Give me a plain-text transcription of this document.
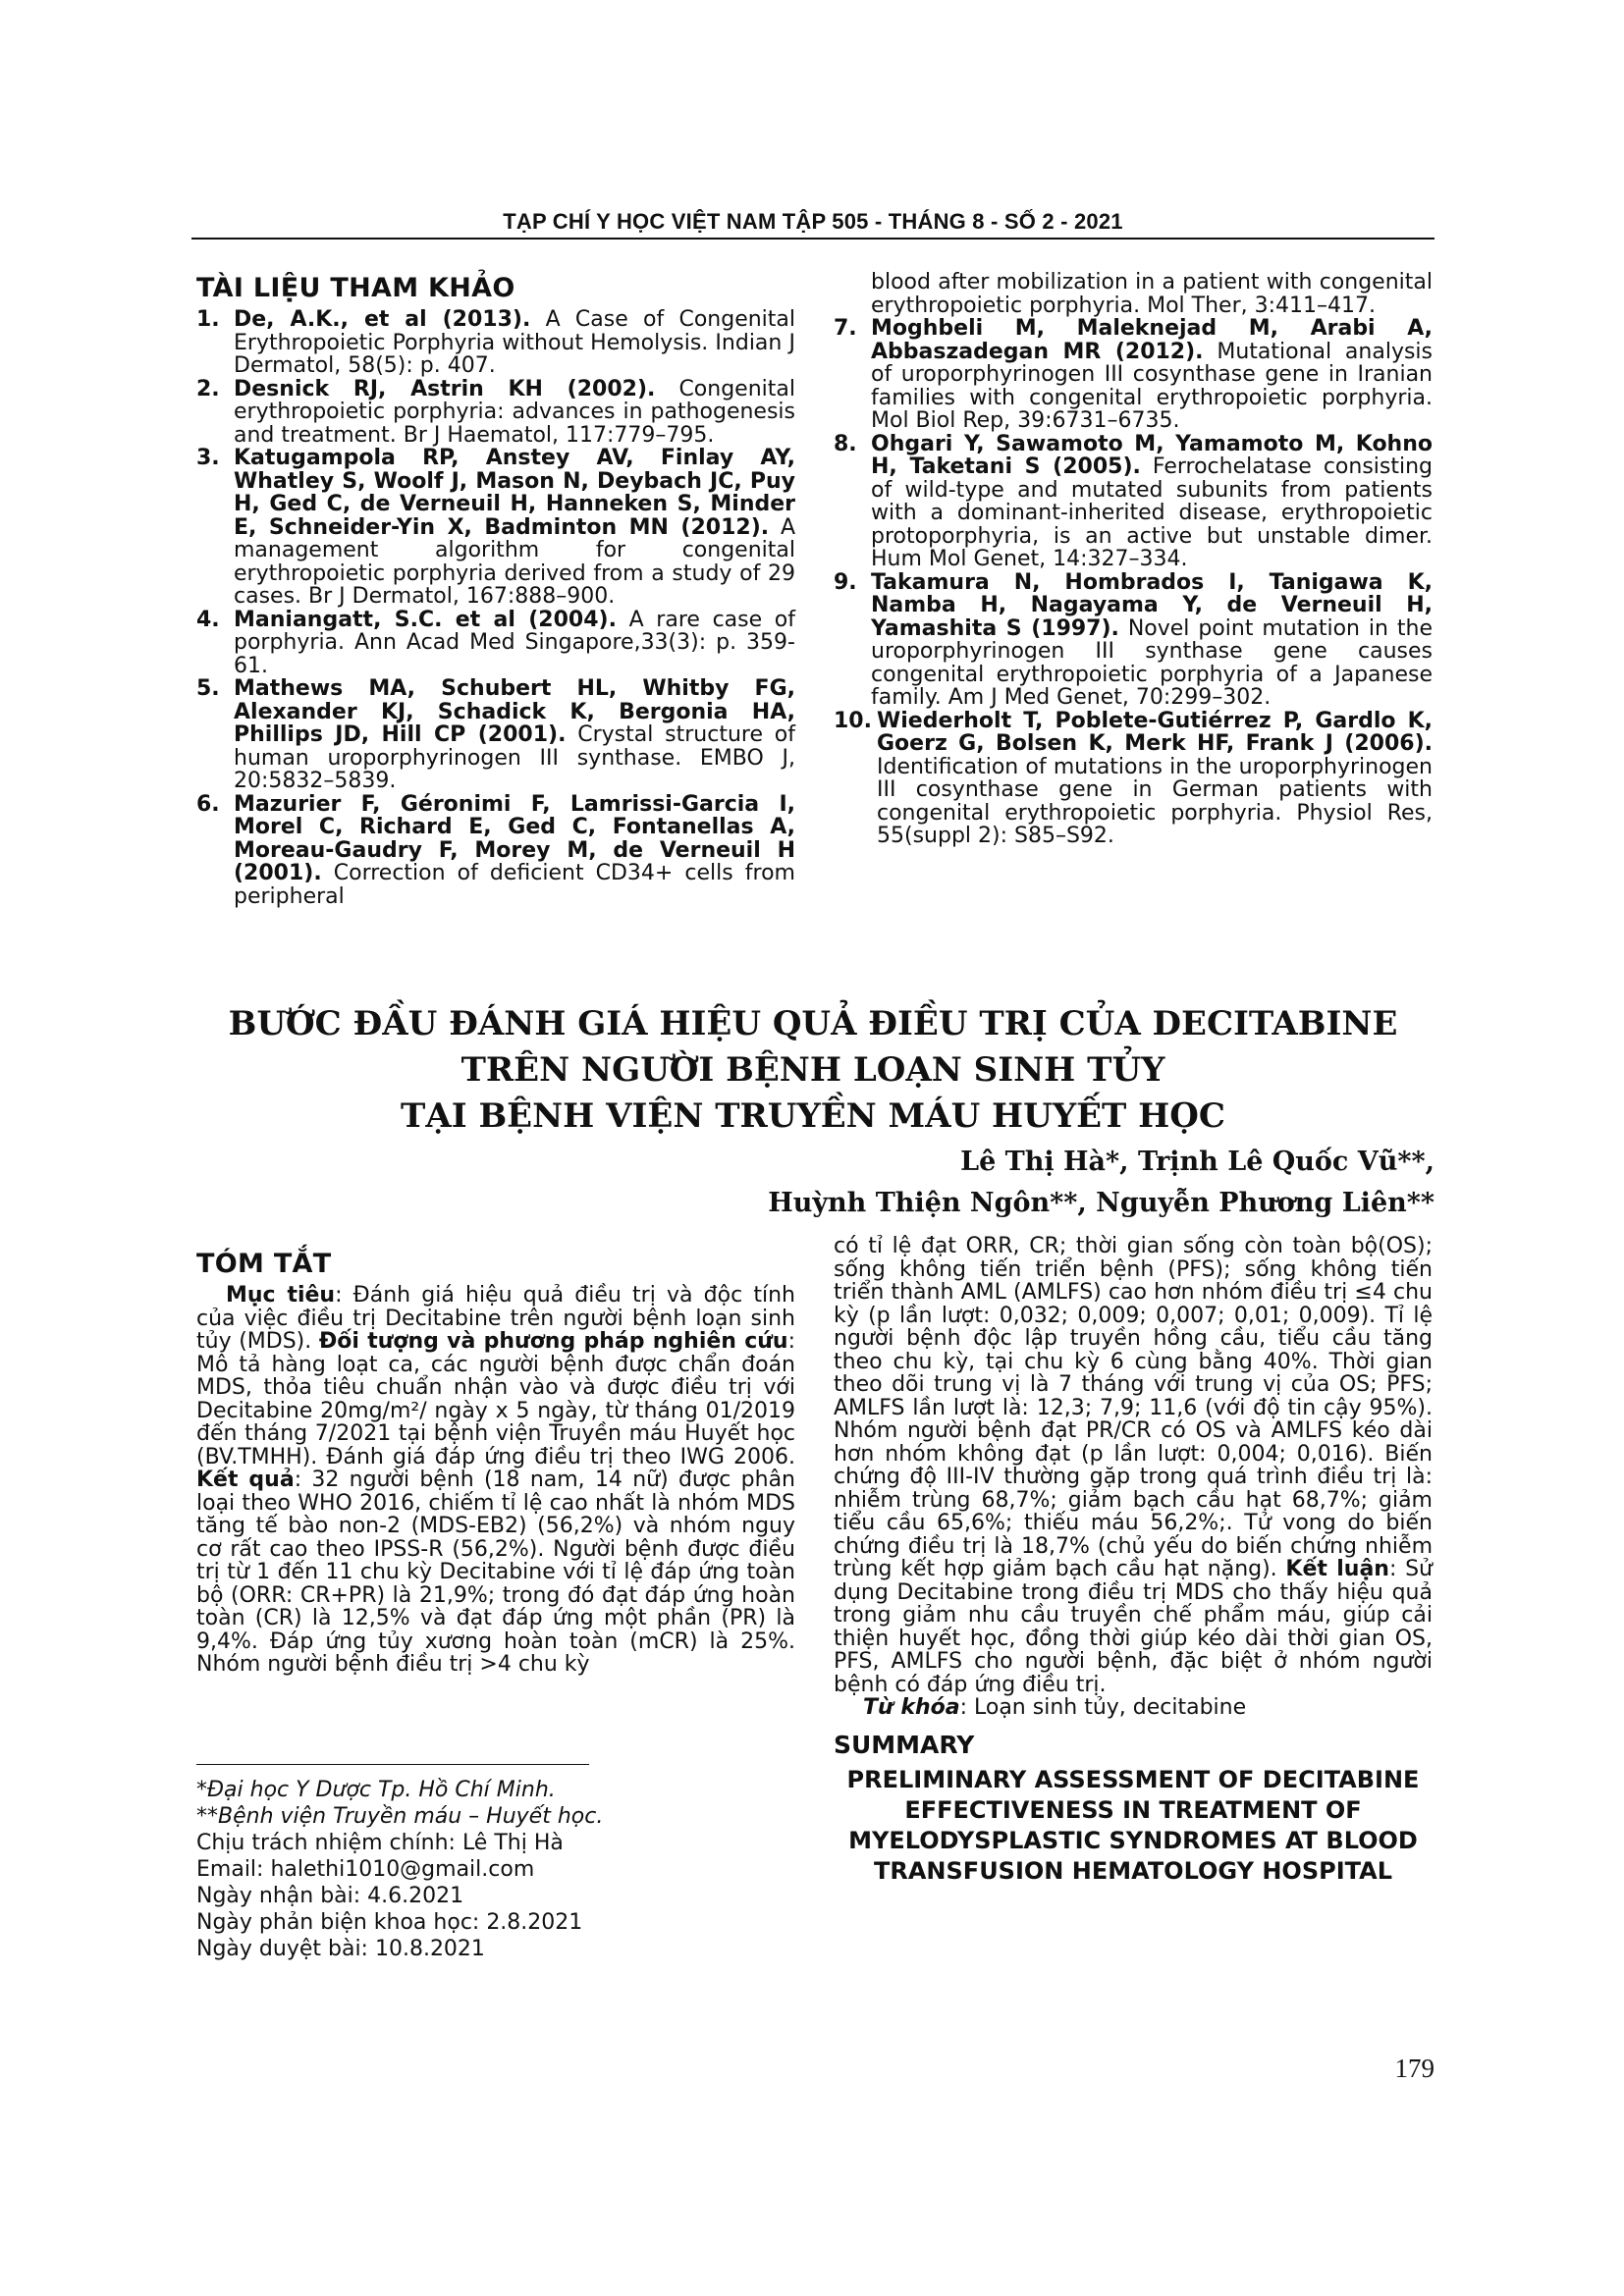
TẠP CHÍ Y HỌC VIỆT NAM TẬP 505 - THÁNG 8 - SỐ 2 - 2021
TÀI LIỆU THAM KHẢO
1. De, A.K., et al (2013). A Case of Congenital Erythropoietic Porphyria without Hemolysis. Indian J Dermatol, 58(5): p. 407.
2. Desnick RJ, Astrin KH (2002). Congenital erythropoietic porphyria: advances in pathogenesis and treatment. Br J Haematol, 117:779–795.
3. Katugampola RP, Anstey AV, Finlay AY, Whatley S, Woolf J, Mason N, Deybach JC, Puy H, Ged C, de Verneuil H, Hanneken S, Minder E, Schneider-Yin X, Badminton MN (2012). A management algorithm for congenital erythropoietic porphyria derived from a study of 29 cases. Br J Dermatol, 167:888–900.
4. Maniangatt, S.C. et al (2004). A rare case of porphyria. Ann Acad Med Singapore,33(3): p. 359-61.
5. Mathews MA, Schubert HL, Whitby FG, Alexander KJ, Schadick K, Bergonia HA, Phillips JD, Hill CP (2001). Crystal structure of human uroporphyrinogen III synthase. EMBO J, 20:5832–5839.
6. Mazurier F, Géronimi F, Lamrissi-Garcia I, Morel C, Richard E, Ged C, Fontanellas A, Moreau-Gaudry F, Morey M, de Verneuil H (2001). Correction of deficient CD34+ cells from peripheral
blood after mobilization in a patient with congenital erythropoietic porphyria. Mol Ther, 3:411–417.
7. Moghbeli M, Maleknejad M, Arabi A, Abbaszadegan MR (2012). Mutational analysis of uroporphyrinogen III cosynthase gene in Iranian families with congenital erythropoietic porphyria. Mol Biol Rep, 39:6731–6735.
8. Ohgari Y, Sawamoto M, Yamamoto M, Kohno H, Taketani S (2005). Ferrochelatase consisting of wild-type and mutated subunits from patients with a dominant-inherited disease, erythropoietic protoporphyria, is an active but unstable dimer. Hum Mol Genet, 14:327–334.
9. Takamura N, Hombrados I, Tanigawa K, Namba H, Nagayama Y, de Verneuil H, Yamashita S (1997). Novel point mutation in the uroporphyrinogen III synthase gene causes congenital erythropoietic porphyria of a Japanese family. Am J Med Genet, 70:299–302.
10. Wiederholt T, Poblete-Gutiérrez P, Gardlo K, Goerz G, Bolsen K, Merk HF, Frank J (2006). Identification of mutations in the uroporphyrinogen III cosynthase gene in German patients with congenital erythropoietic porphyria. Physiol Res, 55(suppl 2): S85–S92.
BƯỚC ĐẦU ĐÁNH GIÁ HIỆU QUẢ ĐIỀU TRỊ CỦA DECITABINE
TRÊN NGƯỜI BỆNH LOẠN SINH TỦY
TẠI BỆNH VIỆN TRUYỀN MÁU HUYẾT HỌC
Lê Thị Hà*, Trịnh Lê Quốc Vũ**,
Huỳnh Thiện Ngôn**, Nguyễn Phương Liên**
TÓM TẮT

Mục tiêu: Đánh giá hiệu quả điều trị và độc tính của việc điều trị Decitabine trên người bệnh loạn sinh tủy (MDS). Đối tượng và phương pháp nghiên cứu: Mô tả hàng loạt ca, các người bệnh được chẩn đoán MDS, thỏa tiêu chuẩn nhận vào và được điều trị với Decitabine 20mg/m²/ ngày x 5 ngày, từ tháng 01/2019 đến tháng 7/2021 tại bệnh viện Truyền máu Huyết học (BV.TMHH). Đánh giá đáp ứng điều trị theo IWG 2006. Kết quả: 32 người bệnh (18 nam, 14 nữ) được phân loại theo WHO 2016, chiếm tỉ lệ cao nhất là nhóm MDS tăng tế bào non-2 (MDS-EB2) (56,2%) và nhóm nguy cơ rất cao theo IPSS-R (56,2%). Người bệnh được điều trị từ 1 đến 11 chu kỳ Decitabine với tỉ lệ đáp ứng toàn bộ (ORR: CR+PR) là 21,9%; trong đó đạt đáp ứng hoàn toàn (CR) là 12,5% và đạt đáp ứng một phần (PR) là 9,4%. Đáp ứng tủy xương hoàn toàn (mCR) là 25%. Nhóm người bệnh điều trị >4 chu kỳ

*Đại học Y Dược Tp. Hồ Chí Minh.
**Bệnh viện Truyền máu – Huyết học.
Chịu trách nhiệm chính: Lê Thị Hà
Email: halethi1010@gmail.com
Ngày nhận bài: 4.6.2021
Ngày phản biện khoa học: 2.8.2021
Ngày duyệt bài: 10.8.2021

có tỉ lệ đạt ORR, CR; thời gian sống còn toàn bộ(OS); sống không tiến triển bệnh (PFS); sống không tiến triển thành AML (AMLFS) cao hơn nhóm điều trị ≤4 chu kỳ (p lần lượt: 0,032; 0,009; 0,007; 0,01; 0,009). Tỉ lệ người bệnh độc lập truyền hồng cầu, tiểu cầu tăng theo chu kỳ, tại chu kỳ 6 cùng bằng 40%. Thời gian theo dõi trung vị là 7 tháng với trung vị của OS; PFS; AMLFS lần lượt là: 12,3; 7,9; 11,6 (với độ tin cậy 95%). Nhóm người bệnh đạt PR/CR có OS và AMLFS kéo dài hơn nhóm không đạt (p lần lượt: 0,004; 0,016). Biến chứng độ III-IV thường gặp trong quá trình điều trị là: nhiễm trùng 68,7%; giảm bạch cầu hạt 68,7%; giảm tiểu cầu 65,6%; thiếu máu 56,2%;. Tử vong do biến chứng điều trị là 18,7% (chủ yếu do biến chứng nhiễm trùng kết hợp giảm bạch cầu hạt nặng). Kết luận: Sử dụng Decitabine trong điều trị MDS cho thấy hiệu quả trong giảm nhu cầu truyền chế phẩm máu, giúp cải thiện huyết học, đồng thời giúp kéo dài thời gian OS, PFS, AMLFS cho người bệnh, đặc biệt ở nhóm người bệnh có đáp ứng điều trị.

Từ khóa: Loạn sinh tủy, decitabine

SUMMARY
PRELIMINARY ASSESSMENT OF DECITABINE
EFFECTIVENESS IN TREATMENT OF
MYELODYSPLASTIC SYNDROMES AT BLOOD
TRANSFUSION HEMATOLOGY HOSPITAL
179
